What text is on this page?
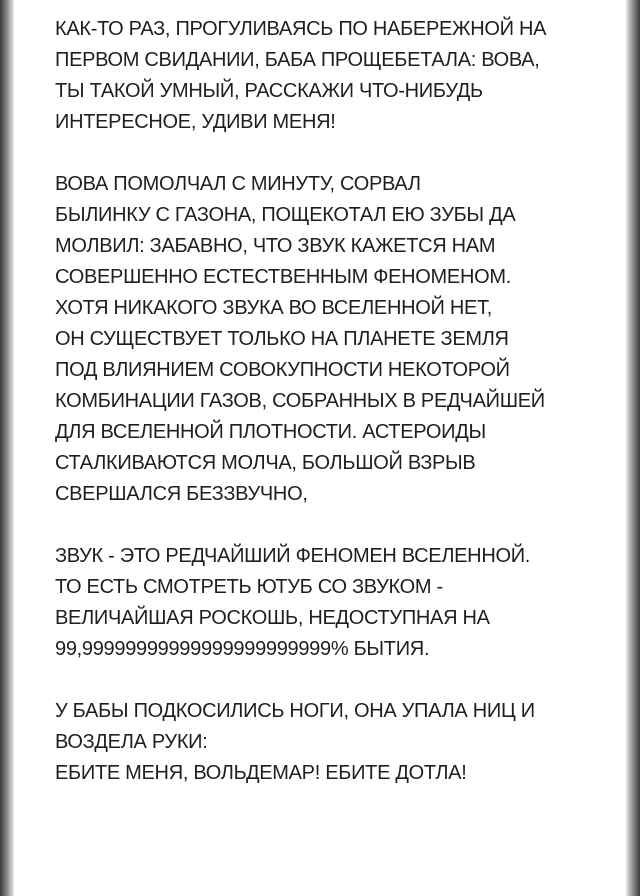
КАК-ТО РАЗ, ПРОГУЛИВАЯСЬ ПО НАБЕРЕЖНОЙ НА
ПЕРВОМ СВИДАНИИ, БАБА ПРОЩЕБЕТАЛА: ВОВА,
ТЫ ТАКОЙ УМНЫЙ, РАССКАЖИ ЧТО-НИБУДЬ
ИНТЕРЕСНОЕ, УДИВИ МЕНЯ!
ВОВА ПОМОЛЧАЛ С МИНУТУ, СОРВАЛ
БЫЛИНКУ С ГАЗОНА, ПОЩЕКОТАЛ ЕЮ ЗУБЫ ДА
МОЛВИЛ: ЗАБАВНО, ЧТО ЗВУК КАЖЕТСЯ НАМ
СОВЕРШЕННО ЕСТЕСТВЕННЫМ ФЕНОМЕНОМ.
ХОТЯ НИКАКОГО ЗВУКА ВО ВСЕЛЕННОЙ НЕТ,
ОН СУЩЕСТВУЕТ ТОЛЬКО НА ПЛАНЕТЕ ЗЕМЛЯ
ПОД ВЛИЯНИЕМ СОВОКУПНОСТИ НЕКОТОРОЙ
КОМБИНАЦИИ ГАЗОВ, СОБРАННЫХ В РЕДЧАЙШЕЙ
ДЛЯ ВСЕЛЕННОЙ ПЛОТНОСТИ. АСТЕРОИДЫ
СТАЛКИВАЮТСЯ МОЛЧА, БОЛЬШОЙ ВЗРЫВ
СВЕРШАЛСЯ БЕЗЗВУЧНО,
ЗВУК - ЭТО РЕДЧАЙШИЙ ФЕНОМЕН ВСЕЛЕННОЙ.
ТО ЕСТЬ СМОТРЕТЬ ЮТУБ СО ЗВУКОМ -
ВЕЛИЧАЙШАЯ РОСКОШЬ, НЕДОСТУПНАЯ НА
99,99999999999999999999999% БЫТИЯ.
У БАБЫ ПОДКОСИЛИСЬ НОГИ, ОНА УПАЛА НИЦ И
ВОЗДЕЛА РУКИ:
ЕБИТЕ МЕНЯ, ВОЛЬДЕМАР! ЕБИТЕ ДОТЛА!
